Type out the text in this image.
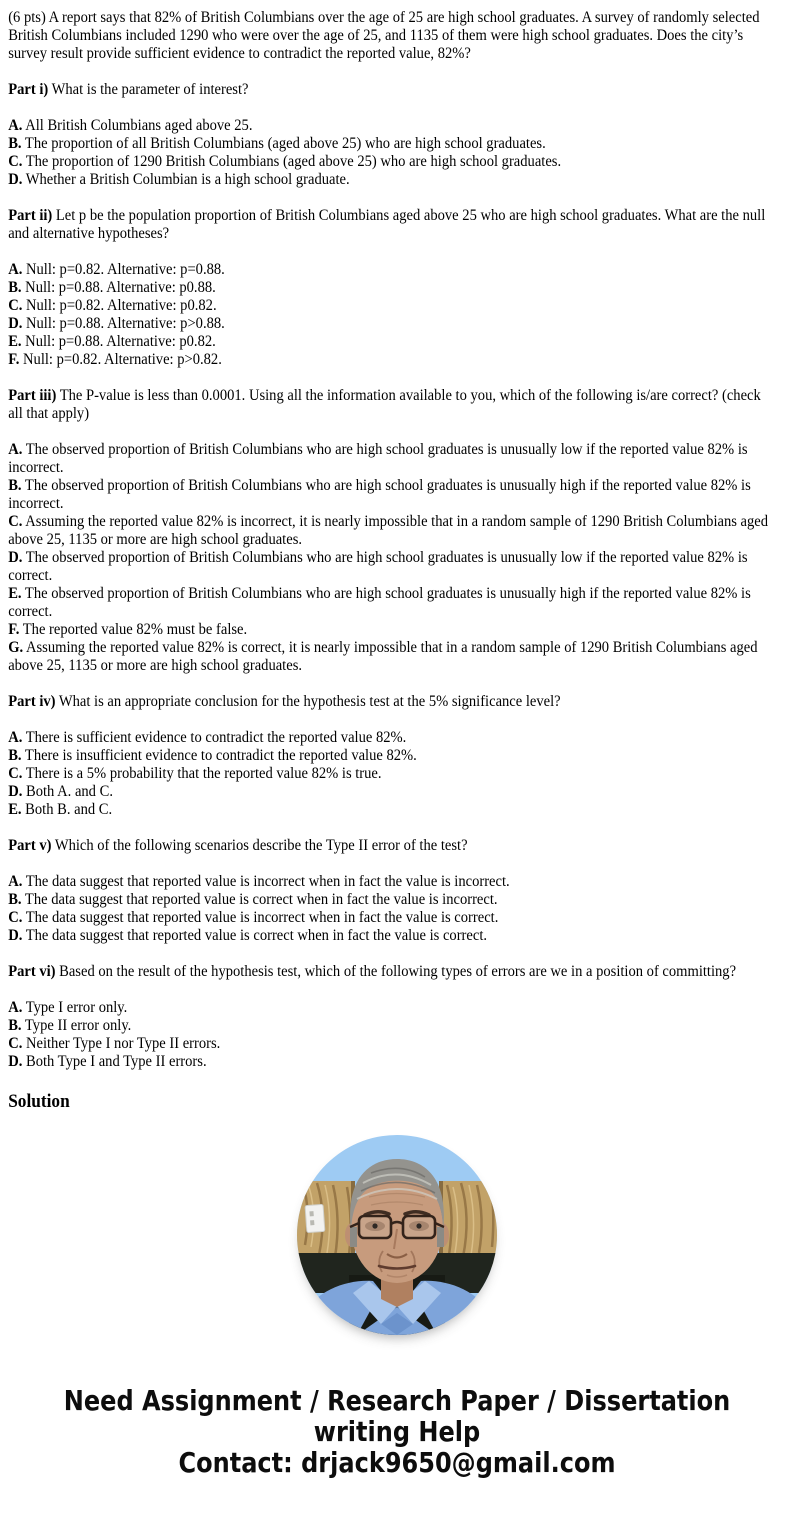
(6 pts) A report says that 82% of British Columbians over the age of 25 are high school graduates. A survey of randomly selected British Columbians included 1290 who were over the age of 25, and 1135 of them were high school graduates. Does the city’s survey result provide sufficient evidence to contradict the reported value, 82%?

Part i) What is the parameter of interest?

A. All British Columbians aged above 25.
B. The proportion of all British Columbians (aged above 25) who are high school graduates.
C. The proportion of 1290 British Columbians (aged above 25) who are high school graduates.
D. Whether a British Columbian is a high school graduate.

Part ii) Let p be the population proportion of British Columbians aged above 25 who are high school graduates. What are the null and alternative hypotheses?

A. Null: p=0.82. Alternative: p=0.88.
B. Null: p=0.88. Alternative: p0.88.
C. Null: p=0.82. Alternative: p0.82.
D. Null: p=0.88. Alternative: p>0.88.
E. Null: p=0.88. Alternative: p0.82.
F. Null: p=0.82. Alternative: p>0.82.

Part iii) The P-value is less than 0.0001. Using all the information available to you, which of the following is/are correct? (check all that apply)

A. The observed proportion of British Columbians who are high school graduates is unusually low if the reported value 82% is incorrect.
B. The observed proportion of British Columbians who are high school graduates is unusually high if the reported value 82% is incorrect.
C. Assuming the reported value 82% is incorrect, it is nearly impossible that in a random sample of 1290 British Columbians aged above 25, 1135 or more are high school graduates.
D. The observed proportion of British Columbians who are high school graduates is unusually low if the reported value 82% is correct.
E. The observed proportion of British Columbians who are high school graduates is unusually high if the reported value 82% is correct.
F. The reported value 82% must be false.
G. Assuming the reported value 82% is correct, it is nearly impossible that in a random sample of 1290 British Columbians aged above 25, 1135 or more are high school graduates.

Part iv) What is an appropriate conclusion for the hypothesis test at the 5% significance level?

A. There is sufficient evidence to contradict the reported value 82%.
B. There is insufficient evidence to contradict the reported value 82%.
C. There is a 5% probability that the reported value 82% is true.
D. Both A. and C.
E. Both B. and C.

Part v) Which of the following scenarios describe the Type II error of the test?

A. The data suggest that reported value is incorrect when in fact the value is incorrect.
B. The data suggest that reported value is correct when in fact the value is incorrect.
C. The data suggest that reported value is incorrect when in fact the value is correct.
D. The data suggest that reported value is correct when in fact the value is correct.

Part vi) Based on the result of the hypothesis test, which of the following types of errors are we in a position of committing?

A. Type I error only.
B. Type II error only.
C. Neither Type I nor Type II errors.
D. Both Type I and Type II errors.
Solution
Need Assignment / Research Paper / Dissertation writing Help
Contact: drjack9650@gmail.com
